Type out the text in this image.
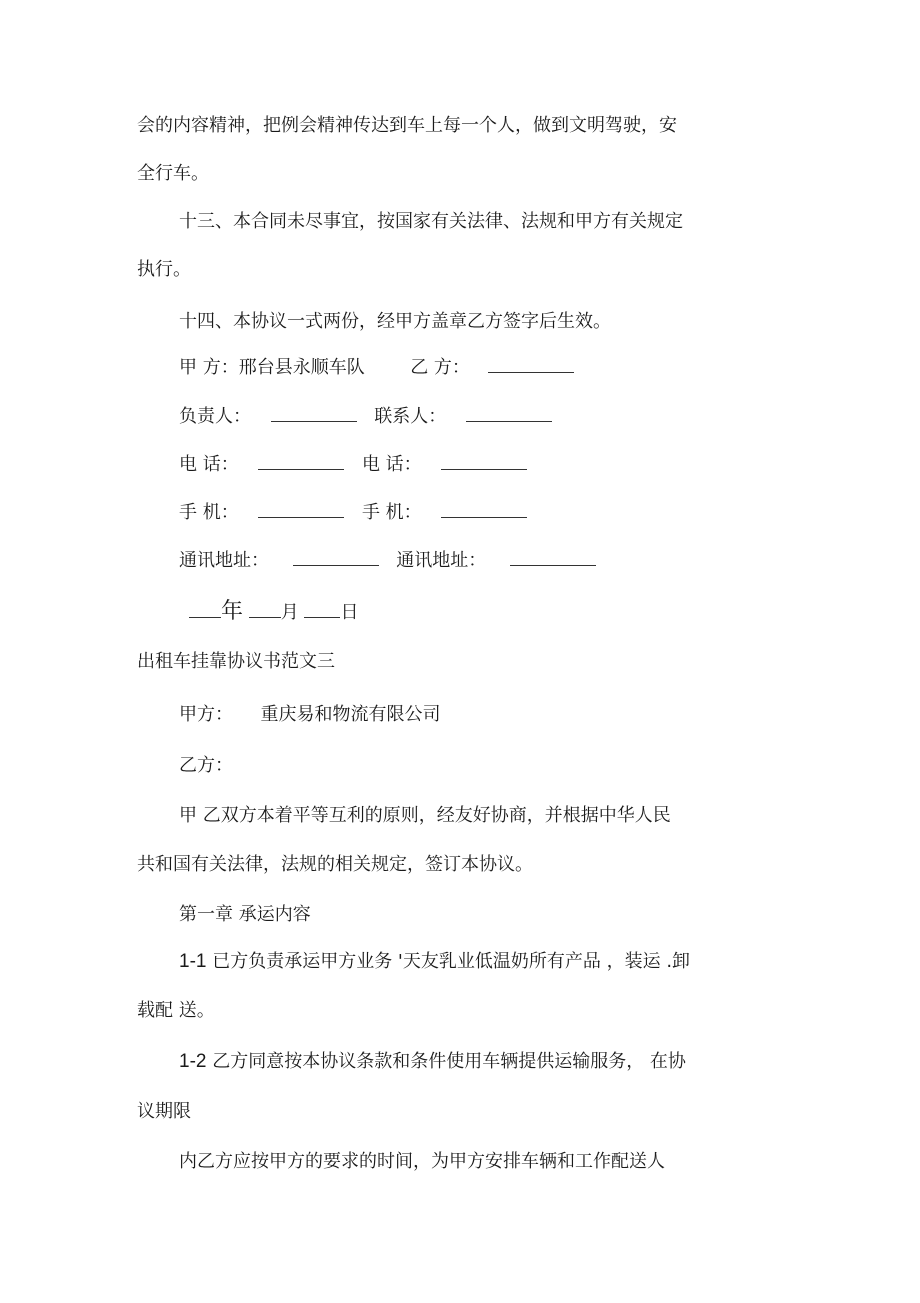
会的内容精神，把例会精神传达到车上每一个人，做到文明驾驶，安
全行车。
十三、本合同未尽事宜，按国家有关法律、法规和甲方有关规定
执行。
十四、本协议一式两份，经甲方盖章乙方签字后生效。
甲 方：邢台县永顺车队	乙 方：
负责人：	联系人：
电 话：	电 话：
手 机：	手 机：
通讯地址：	通讯地址：
年 月 日
出租车挂靠协议书范文三
甲方： 重庆易和物流有限公司
乙方：
甲 乙双方本着平等互利的原则，经友好协商，并根据中华人民
共和国有关法律，法规的相关规定，签订本协议。
第一章 承运内容
1-1 已方负责承运甲方业务 '天友乳业低温奶所有产品 ，装运 .卸
载配 送。
1-2 乙方同意按本协议条款和条件使用车辆提供运输服务， 在协
议期限
内乙方应按甲方的要求的时间，为甲方安排车辆和工作配送人
